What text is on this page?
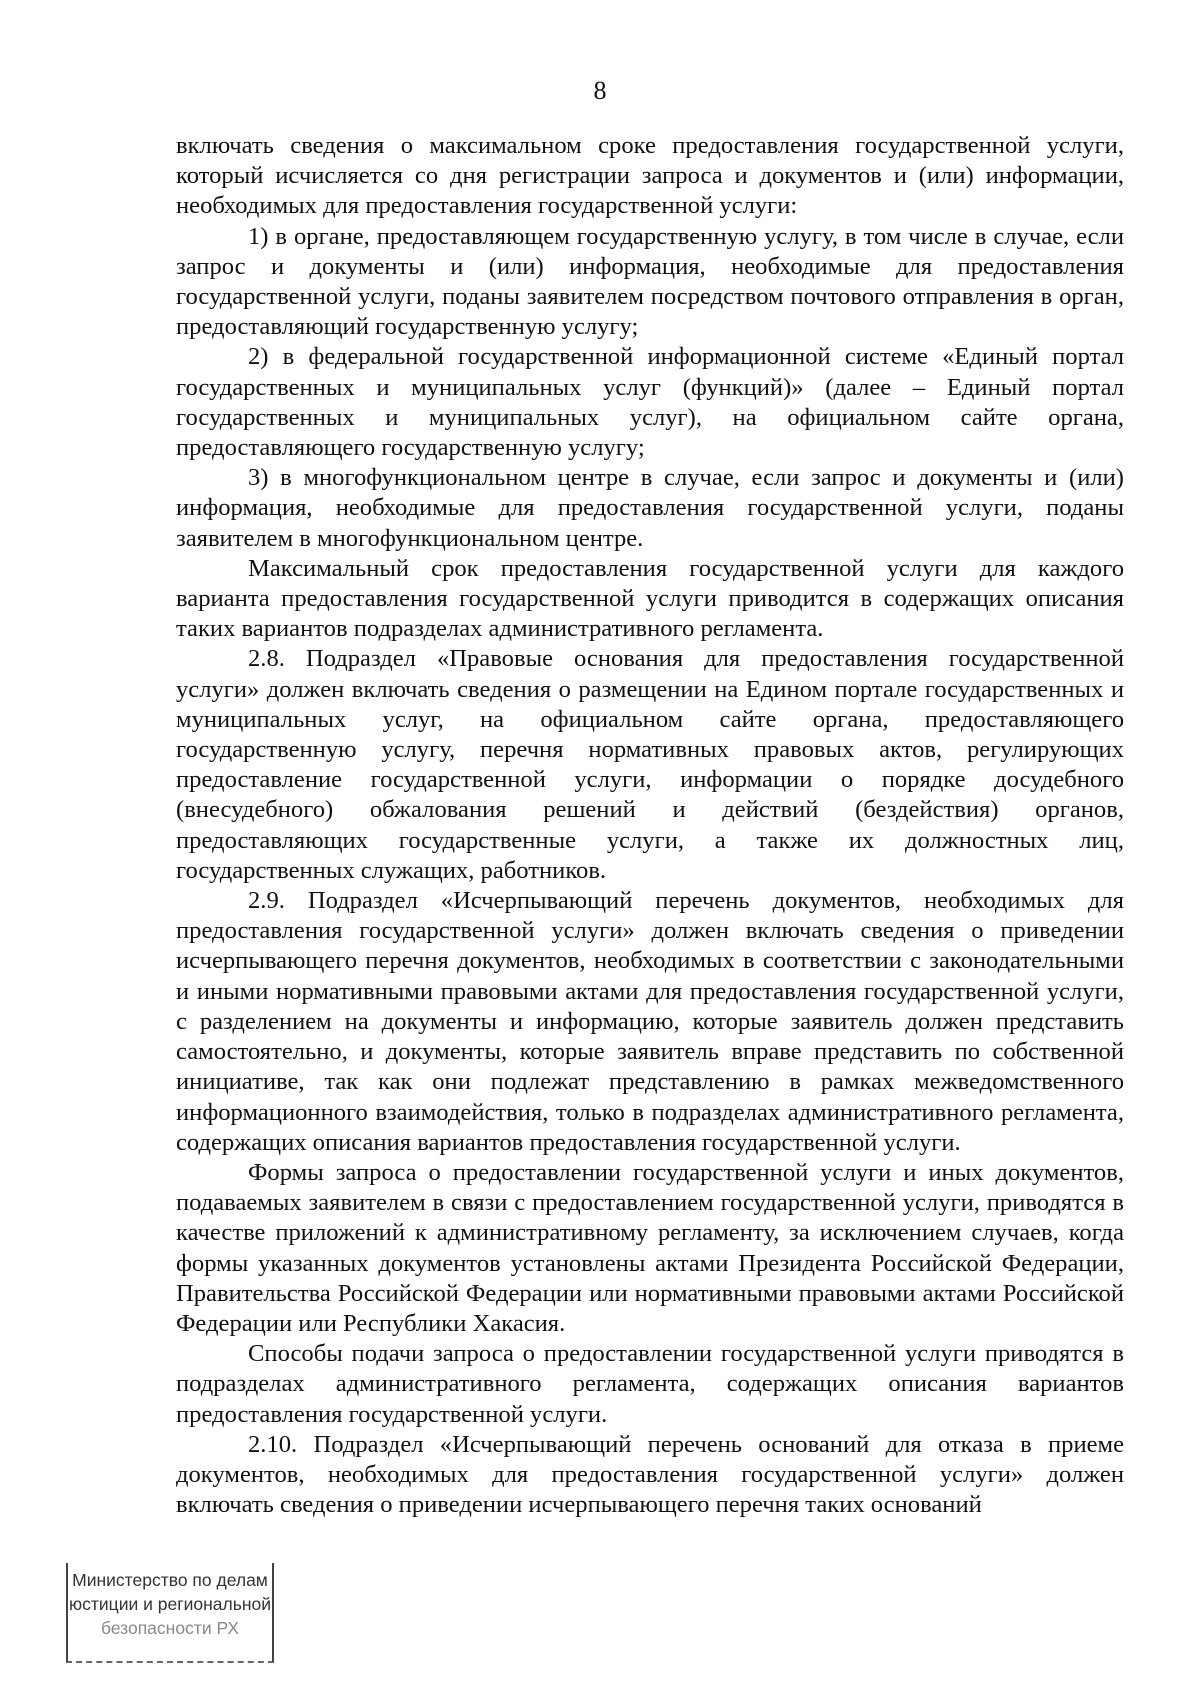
8

включать сведения о максимальном сроке предоставления государственной услуги, который исчисляется со дня регистрации запроса и документов и (или) информации, необходимых для предоставления государственной услуги:

1) в органе, предоставляющем государственную услугу, в том числе в случае, если запрос и документы и (или) информация, необходимые для предоставления государственной услуги, поданы заявителем посредством почтового отправления в орган, предоставляющий государственную услугу;

2) в федеральной государственной информационной системе «Единый портал государственных и муниципальных услуг (функций)» (далее – Единый портал государственных и муниципальных услуг), на официальном сайте органа, предоставляющего государственную услугу;

3) в многофункциональном центре в случае, если запрос и документы и (или) информация, необходимые для предоставления государственной услуги, поданы заявителем в многофункциональном центре.

Максимальный срок предоставления государственной услуги для каждого варианта предоставления государственной услуги приводится в содержащих описания таких вариантов подразделах административного регламента.

2.8. Подраздел «Правовые основания для предоставления государственной услуги» должен включать сведения о размещении на Едином портале государственных и муниципальных услуг, на официальном сайте органа, предоставляющего государственную услугу, перечня нормативных правовых актов, регулирующих предоставление государственной услуги, информации о порядке досудебного (внесудебного) обжалования решений и действий (бездействия) органов, предоставляющих государственные услуги, а также их должностных лиц, государственных служащих, работников.

2.9. Подраздел «Исчерпывающий перечень документов, необходимых для предоставления государственной услуги» должен включать сведения о приведении исчерпывающего перечня документов, необходимых в соответствии с законодательными и иными нормативными правовыми актами для предоставления государственной услуги, с разделением на документы и информацию, которые заявитель должен представить самостоятельно, и документы, которые заявитель вправе представить по собственной инициативе, так как они подлежат представлению в рамках межведомственного информационного взаимодействия, только в подразделах административного регламента, содержащих описания вариантов предоставления государственной услуги.

Формы запроса о предоставлении государственной услуги и иных документов, подаваемых заявителем в связи с предоставлением государственной услуги, приводятся в качестве приложений к административному регламенту, за исключением случаев, когда формы указанных документов установлены актами Президента Российской Федерации, Правительства Российской Федерации или нормативными правовыми актами Российской Федерации или Республики Хакасия.

Способы подачи запроса о предоставлении государственной услуги приводятся в подразделах административного регламента, содержащих описания вариантов предоставления государственной услуги.

2.10. Подраздел «Исчерпывающий перечень оснований для отказа в приеме документов, необходимых для предоставления государственной услуги» должен включать сведения о приведении исчерпывающего перечня таких оснований

Министерство по делам
юстиции и региональной
безопасности РХ
